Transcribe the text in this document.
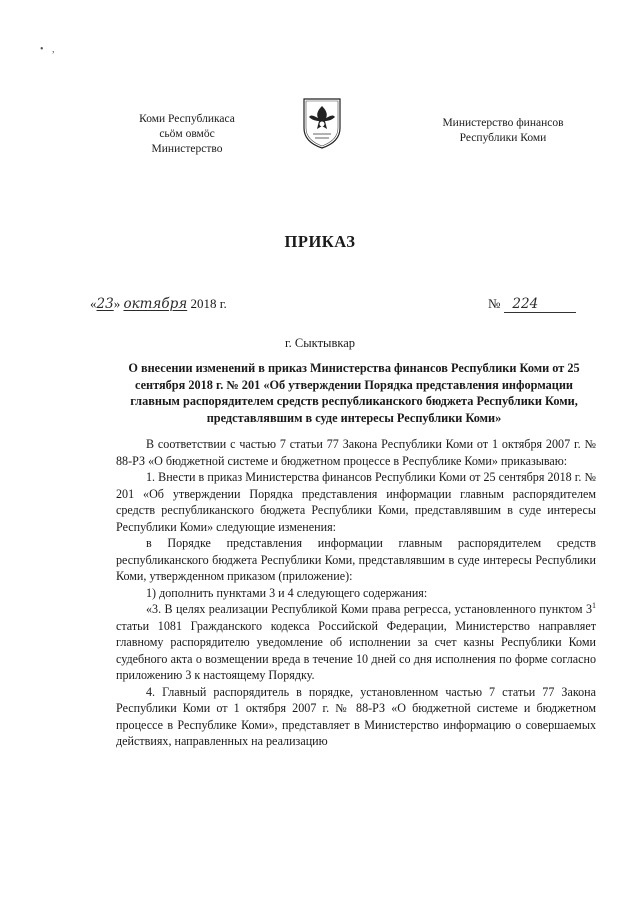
• ,
Коми Республикаса
сьӧм овмӧс
Министерство
Министерство финансов
Республики Коми
ПРИКАЗ
«23» октября 2018 г.	№ 224
г. Сыктывкар
О внесении изменений в приказ Министерства финансов Республики Коми от 25 сентября 2018 г. № 201 «Об утверждении Порядка представления информации главным распорядителем средств республиканского бюджета Республики Коми, представлявшим в суде интересы Республики Коми»

В соответствии с частью 7 статьи 77 Закона Республики Коми от 1 октября 2007 г. № 88-РЗ «О бюджетной системе и бюджетном процессе в Республике Коми» приказываю:

1. Внести в приказ Министерства финансов Республики Коми от 25 сентября 2018 г. № 201 «Об утверждении Порядка представления информации главным распорядителем средств республиканского бюджета Республики Коми, представлявшим в суде интересы Республики Коми» следующие изменения:

в Порядке представления информации главным распорядителем средств республиканского бюджета Республики Коми, представлявшим в суде интересы Республики Коми, утвержденном приказом (приложение):

1) дополнить пунктами 3 и 4 следующего содержания:

«3. В целях реализации Республикой Коми права регресса, установленного пунктом $3^1$ статьи 1081 Гражданского кодекса Российской Федерации, Министерство направляет главному распорядителю уведомление об исполнении за счет казны Республики Коми судебного акта о возмещении вреда в течение 10 дней со дня исполнения по форме согласно приложению 3 к настоящему Порядку.

4. Главный распорядитель в порядке, установленном частью 7 статьи 77 Закона Республики Коми от 1 октября 2007 г. № 88-РЗ «О бюджетной системе и бюджетном процессе в Республике Коми», представляет в Министерство информацию о совершаемых действиях, направленных на реализацию
